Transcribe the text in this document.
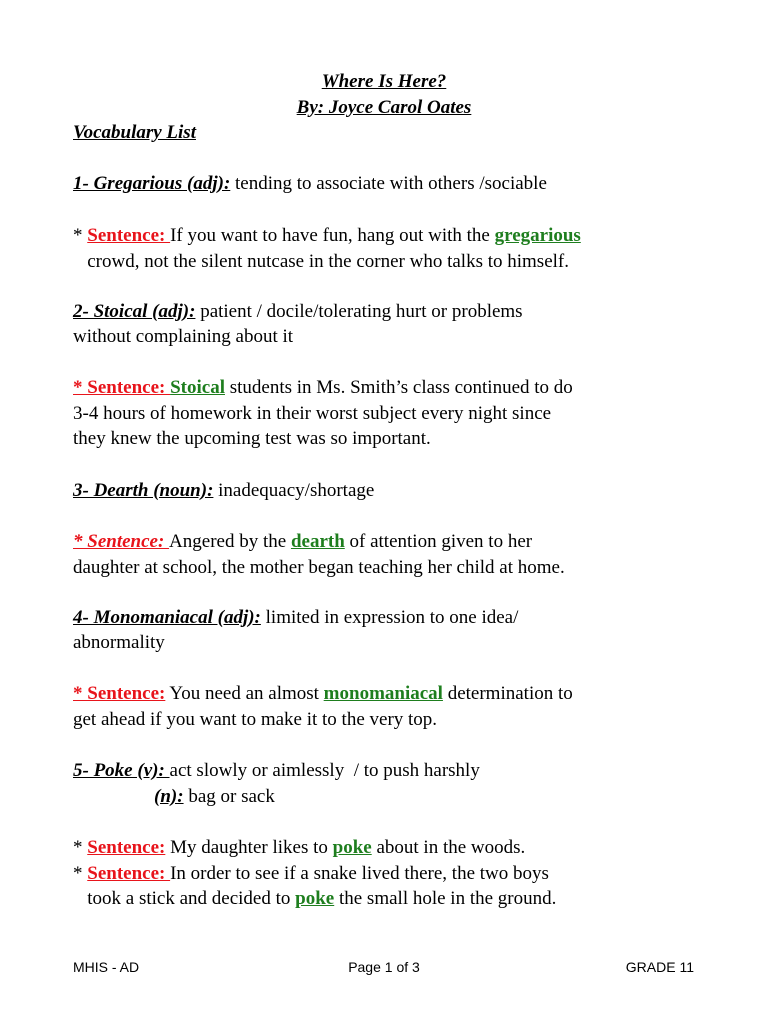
Where Is Here?
By: Joyce Carol Oates
Vocabulary List
1- Gregarious (adj): tending to associate with others /sociable
* Sentence: If you want to have fun, hang out with the gregarious
crowd, not the silent nutcase in the corner who talks to himself.
2- Stoical (adj): patient / docile/tolerating hurt or problems
without complaining about it
* Sentence: Stoical students in Ms. Smith’s class continued to do
3-4 hours of homework in their worst subject every night since
they knew the upcoming test was so important.
3- Dearth (noun): inadequacy/shortage
* Sentence: Angered by the dearth of attention given to her
daughter at school, the mother began teaching her child at home.
4- Monomaniacal (adj): limited in expression to one idea/
abnormality
* Sentence: You need an almost monomaniacal determination to
get ahead if you want to make it to the very top.
5- Poke (v): act slowly or aimlessly  / to push harshly
(n): bag or sack
* Sentence: My daughter likes to poke about in the woods.
* Sentence: In order to see if a snake lived there, the two boys
took a stick and decided to poke the small hole in the ground.
MHIS - AD	Page 1 of 3	GRADE 11
